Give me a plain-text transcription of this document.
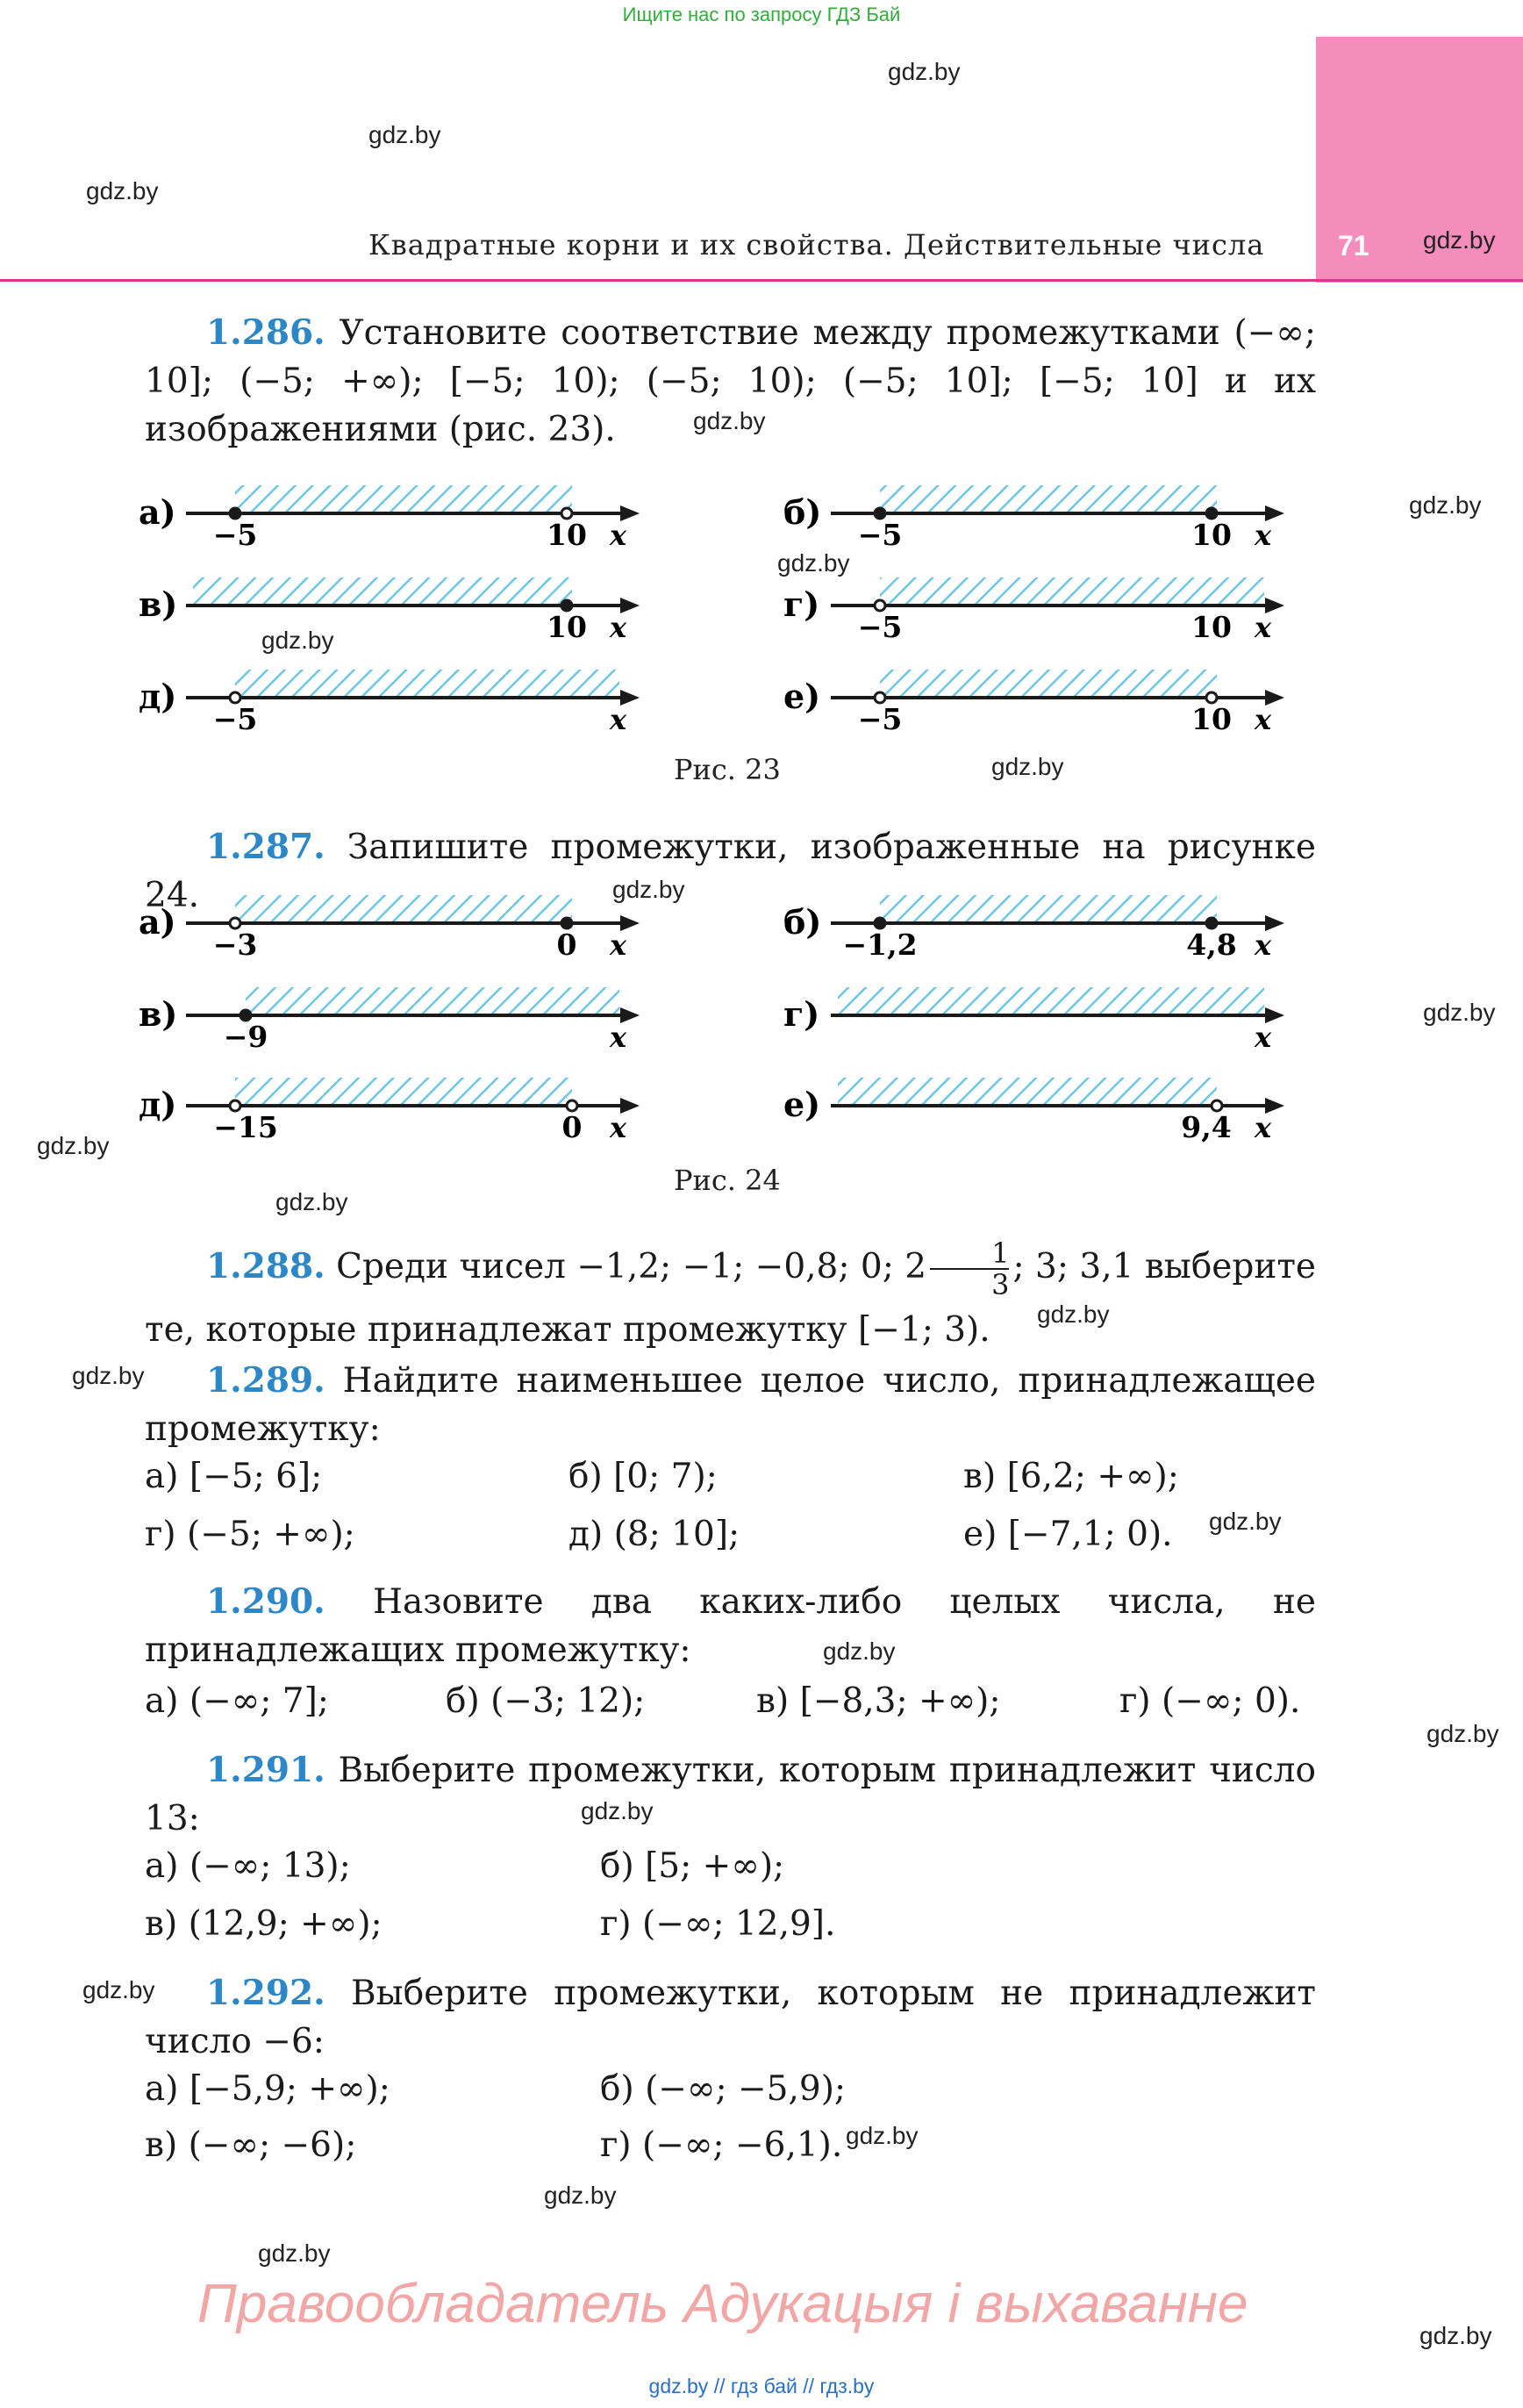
Ищите нас по запросу ГДЗ Бай
gdz.by // гдз бай // гдз.by
71
Квадратные корни и их свойства. Действительные числа
gdz.by
gdz.by
gdz.by
gdz.by
gdz.by
gdz.by
gdz.by
gdz.by
gdz.by
gdz.by
gdz.by
gdz.by
gdz.by
gdz.by
gdz.by
gdz.by
gdz.by
gdz.by
gdz.by
gdz.by
gdz.by
gdz.by
gdz.by
gdz.by
1.286. Установите соответствие между промежутками (−∞; 10]; (−5; +∞); [−5; 10); (−5; 10); (−5; 10]; [−5; 10] и их изображениями (рис. 23).
а)
x
−5	10
б)
x
−5	10
в)
x
10
г)
x
−5	10
д)
x
−5
е)
x
−5	10
Рис. 23
1.287. Запишите промежутки, изображенные на рисунке 24.
а)
x
−3	0
б)
x
−1,2	4,8
в)
x
−9
г)
x
д)
x
−15	0
е)
x
9,4
Рис. 24
1.288. Среди чисел −1,2; −1; −0,8; 0; $2 \frac{1}{3}$ ; 3; 3,1 выберите те, которые принадлежат промежутку [−1; 3).
1.289. Найдите наименьшее целое число, принадлежащее промежутку:
а) [−5; 6];	б) [0; 7);	в) [6,2; +∞);
г) (−5; +∞);	д) (8; 10];	е) [−7,1; 0).
1.290. Назовите два каких-либо целых числа, не принадлежащих промежутку:
а) (−∞; 7];	б) (−3; 12);	в) [−8,3; +∞);	г) (−∞; 0).
1.291. Выберите промежутки, которым принадлежит число 13:
а) (−∞; 13);	б) [5; +∞);
в) (12,9; +∞);	г) (−∞; 12,9].
1.292. Выберите промежутки, которым не принадлежит число −6:
а) [−5,9; +∞);	б) (−∞; −5,9);
в) (−∞; −6);	г) (−∞; −6,1).
Правообладатель Адукацыя і выхаванне
